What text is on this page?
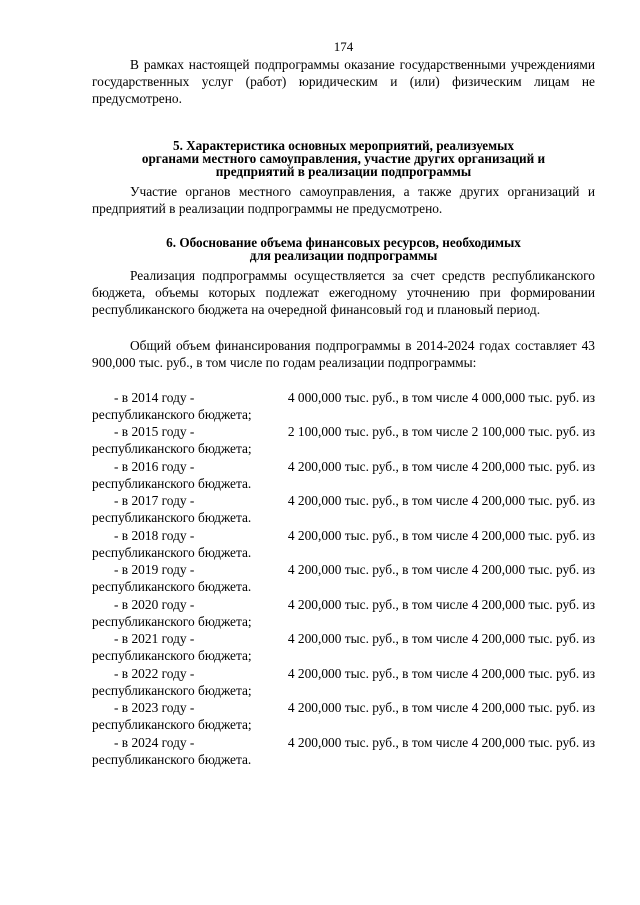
174

В рамках настоящей подпрограммы оказание государственными учреждениями государственных услуг (работ) юридическим и (или) физическим лицам не предусмотрено.

5. Характеристика основных мероприятий, реализуемых
органами местного самоуправления, участие других организаций и
предприятий в реализации подпрограммы

Участие органов местного самоуправления, а также других организаций и предприятий в реализации подпрограммы не предусмотрено.

6. Обоснование объема финансовых ресурсов, необходимых
для реализации подпрограммы

Реализация подпрограммы осуществляется за счет средств республиканского бюджета, объемы которых подлежат ежегодному уточнению при формировании республиканского бюджета на очередной финансовый год и плановый период.

Общий объем финансирования подпрограммы в 2014-2024 годах составляет 43 900,000 тыс. руб., в том числе по годам реализации подпрограммы:

- в 2014 году -	4 000,000 тыс. руб., в том числе 4 000,000 тыс. руб. из
республиканского бюджета;
- в 2015 году -	2 100,000 тыс. руб., в том числе 2 100,000 тыс. руб. из
республиканского бюджета;
- в 2016 году -	4 200,000 тыс. руб., в том числе 4 200,000 тыс. руб. из
республиканского бюджета.
- в 2017 году -	4 200,000 тыс. руб., в том числе 4 200,000 тыс. руб. из
республиканского бюджета.
- в 2018 году -	4 200,000 тыс. руб., в том числе 4 200,000 тыс. руб. из
республиканского бюджета.
- в 2019 году -	4 200,000 тыс. руб., в том числе 4 200,000 тыс. руб. из
республиканского бюджета.
- в 2020 году -	4 200,000 тыс. руб., в том числе 4 200,000 тыс. руб. из
республиканского бюджета;
- в 2021 году -	4 200,000 тыс. руб., в том числе 4 200,000 тыс. руб. из
республиканского бюджета;
- в 2022 году -	4 200,000 тыс. руб., в том числе 4 200,000 тыс. руб. из
республиканского бюджета;
- в 2023 году -	4 200,000 тыс. руб., в том числе 4 200,000 тыс. руб. из
республиканского бюджета;
- в 2024 году -	4 200,000 тыс. руб., в том числе 4 200,000 тыс. руб. из
республиканского бюджета.
